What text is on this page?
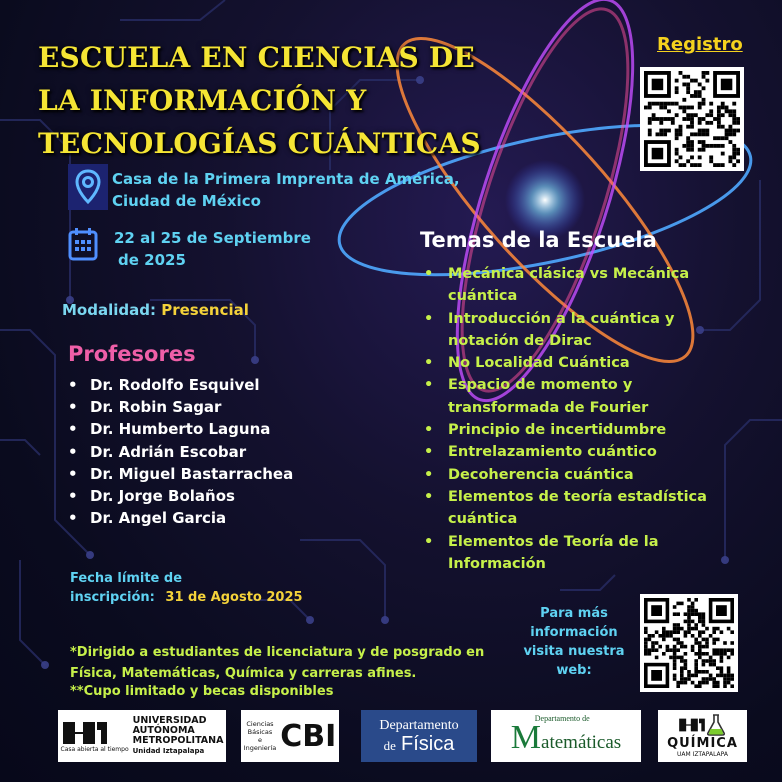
ESCUELA EN CIENCIAS DE
LA INFORMACIÓN Y
TECNOLOGÍAS CUÁNTICAS
Registro
Casa de la Primera Imprenta de América,
Ciudad de México
22 al 25 de Septiembre
de 2025
Modalidad: Presencial
Profesores
• Dr. Rodolfo Esquivel
• Dr. Robin Sagar
• Dr. Humberto Laguna
• Dr. Adrián Escobar
• Dr. Miguel Bastarrachea
• Dr. Jorge Bolaños
• Dr. Angel Garcia
Temas de la Escuela
• Mecánica clásica vs Mecánica cuántica
• Introducción a la cuántica y notación de Dirac
• No Localidad Cuántica
• Espacio de momento y transformada de Fourier
• Principio de incertidumbre
• Entrelazamiento cuántico
• Decoherencia cuántica
• Elementos de teoría estadística cuántica
• Elementos de Teoría de la Información
Fecha límite de
inscripción: 31 de Agosto 2025
Para más
información
visita nuestra
web:
*Dirigido a estudiantes de licenciatura y de posgrado en Física, Matemáticas, Química y carreras afines.
**Cupo limitado y becas disponibles
Casa abierta al tiempo
UNIVERSIDAD
AUTÓNOMA
METROPOLITANA
Unidad Iztapalapa
Ciencias
Básicas
e
Ingeniería CBI	Departamento
de Física
Departamento de
Matemáticas	QUÍMICA
UAM IZTAPALAPA
